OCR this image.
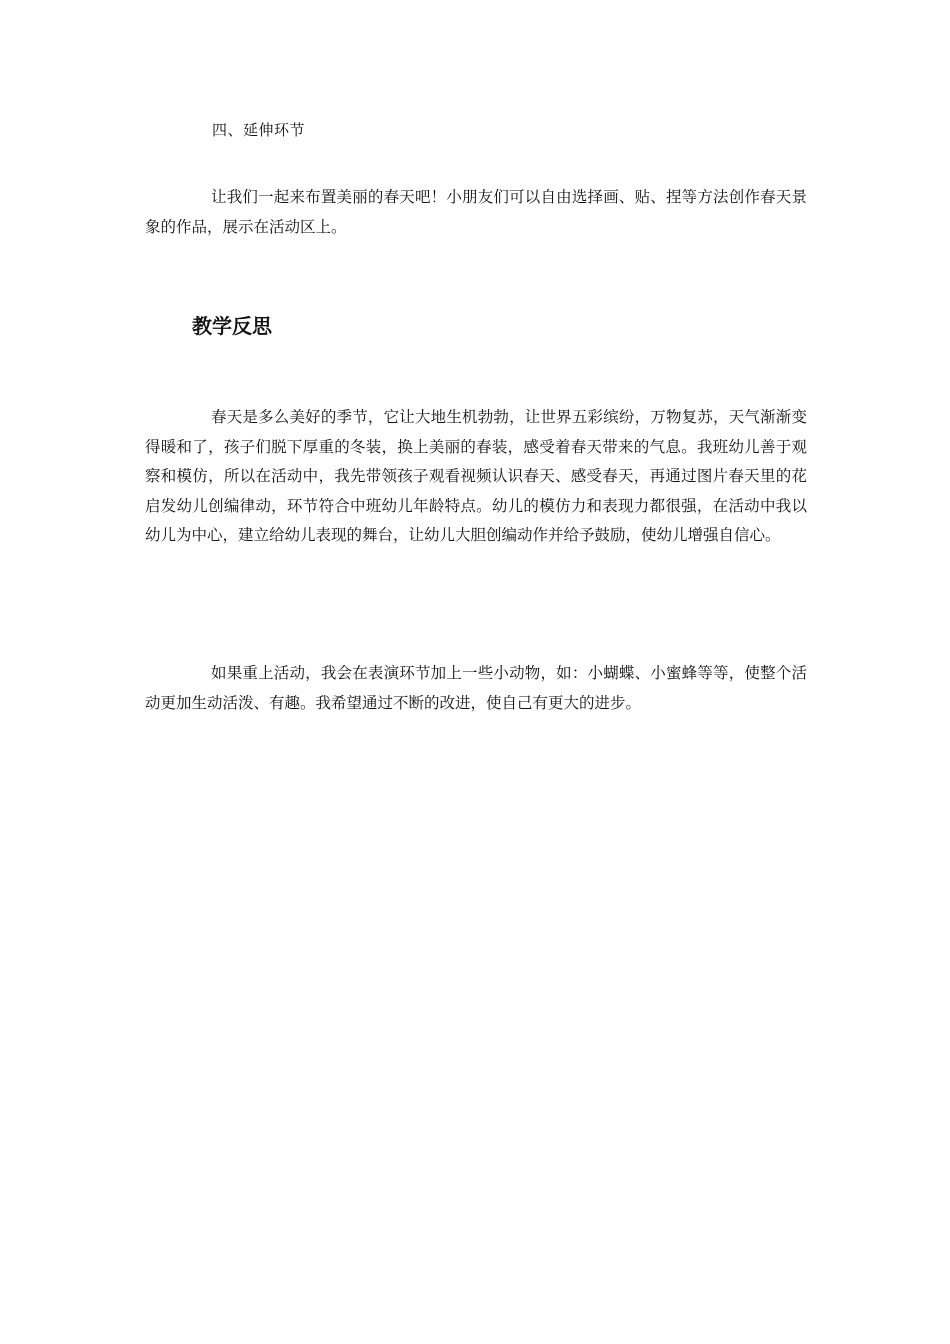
四、延伸环节

让我们一起来布置美丽的春天吧！小朋友们可以自由选择画、贴、捏等方法创作春天景象的作品，展示在活动区上。

教学反思

春天是多么美好的季节，它让大地生机勃勃，让世界五彩缤纷，万物复苏，天气渐渐变得暖和了，孩子们脱下厚重的冬装，换上美丽的春装，感受着春天带来的气息。我班幼儿善于观察和模仿，所以在活动中，我先带领孩子观看视频认识春天、感受春天，再通过图片春天里的花启发幼儿创编律动，环节符合中班幼儿年龄特点。幼儿的模仿力和表现力都很强，在活动中我以幼儿为中心，建立给幼儿表现的舞台，让幼儿大胆创编动作并给予鼓励，使幼儿增强自信心。

如果重上活动，我会在表演环节加上一些小动物，如：小蝴蝶、小蜜蜂等等，使整个活动更加生动活泼、有趣。我希望通过不断的改进，使自己有更大的进步。
